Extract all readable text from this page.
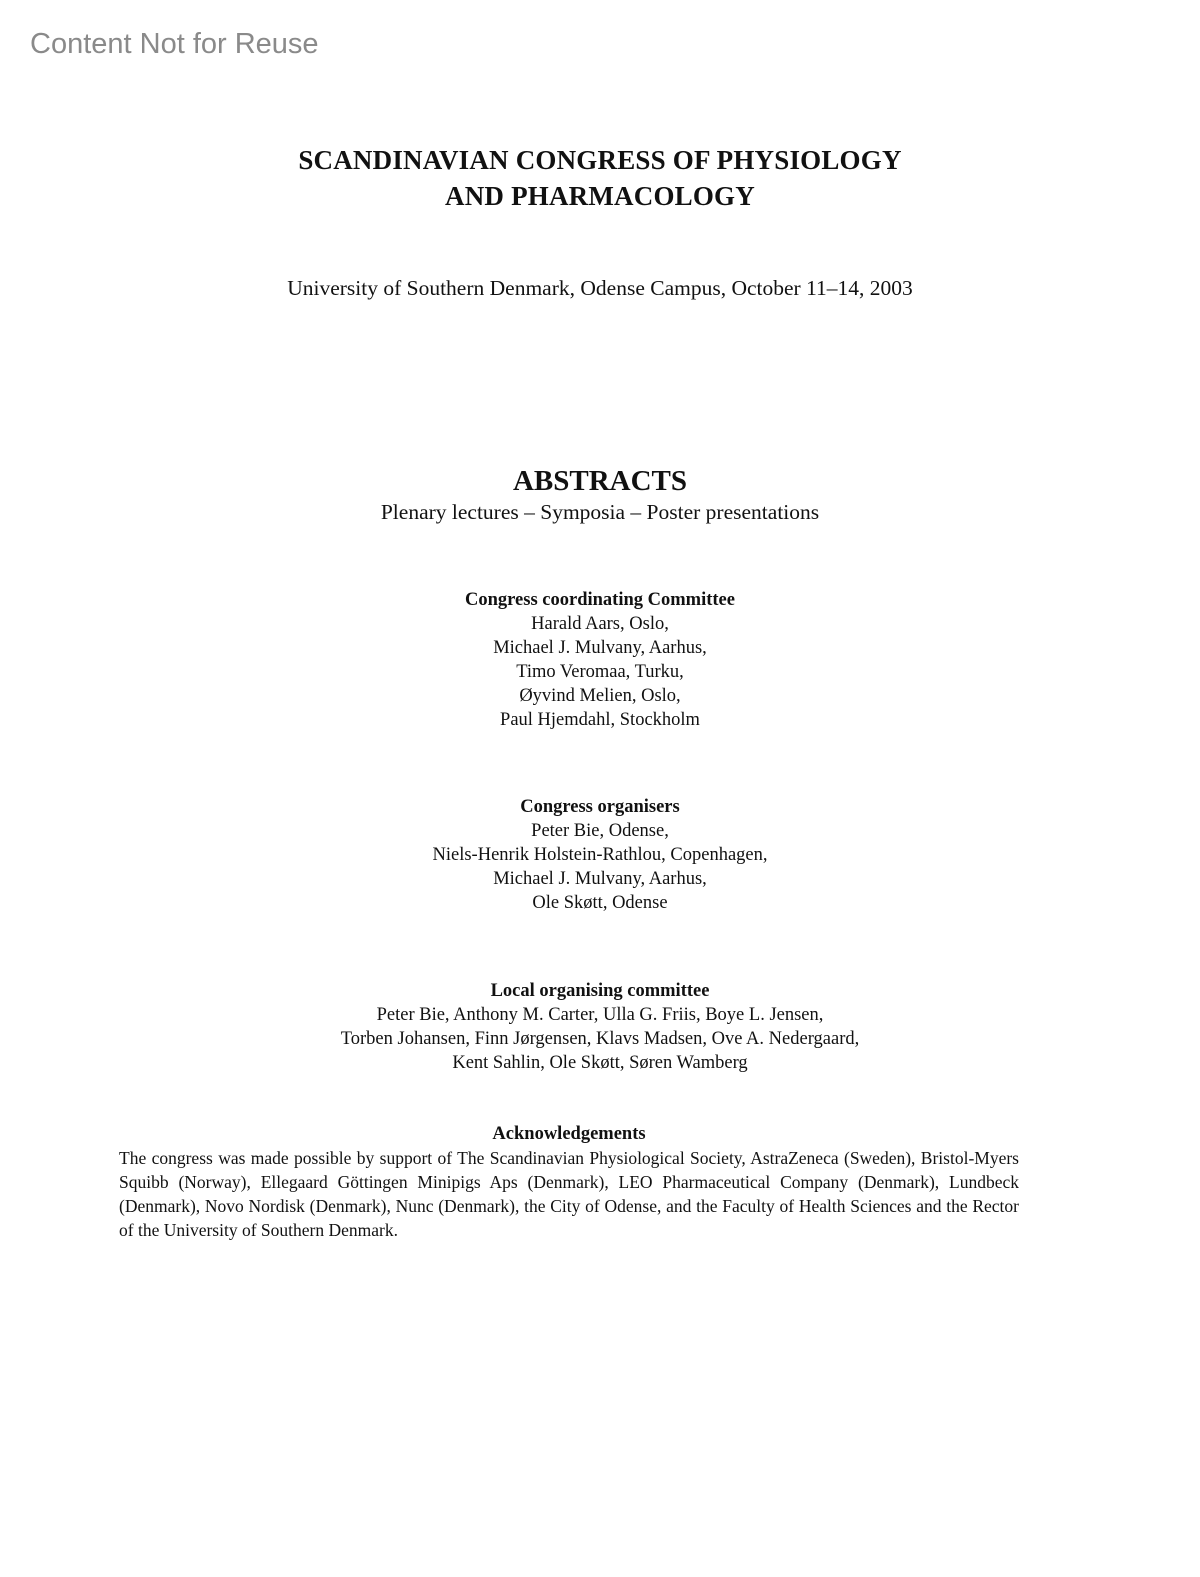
Content Not for Reuse
SCANDINAVIAN CONGRESS OF PHYSIOLOGY
AND PHARMACOLOGY
University of Southern Denmark, Odense Campus, October 11–14, 2003
ABSTRACTS
Plenary lectures – Symposia – Poster presentations
Congress coordinating Committee
Harald Aars, Oslo,
Michael J. Mulvany, Aarhus,
Timo Veromaa, Turku,
Øyvind Melien, Oslo,
Paul Hjemdahl, Stockholm
Congress organisers
Peter Bie, Odense,
Niels-Henrik Holstein-Rathlou, Copenhagen,
Michael J. Mulvany, Aarhus,
Ole Skøtt, Odense
Local organising committee
Peter Bie, Anthony M. Carter, Ulla G. Friis, Boye L. Jensen,
Torben Johansen, Finn Jørgensen, Klavs Madsen, Ove A. Nedergaard,
Kent Sahlin, Ole Skøtt, Søren Wamberg
Acknowledgements
The congress was made possible by support of The Scandinavian Physiological Society, AstraZeneca (Sweden), Bristol-Myers Squibb (Norway), Ellegaard Göttingen Minipigs Aps (Denmark), LEO Pharmaceutical Company (Denmark), Lundbeck (Denmark), Novo Nordisk (Denmark), Nunc (Denmark), the City of Odense, and the Faculty of Health Sciences and the Rector of the University of Southern Denmark.
